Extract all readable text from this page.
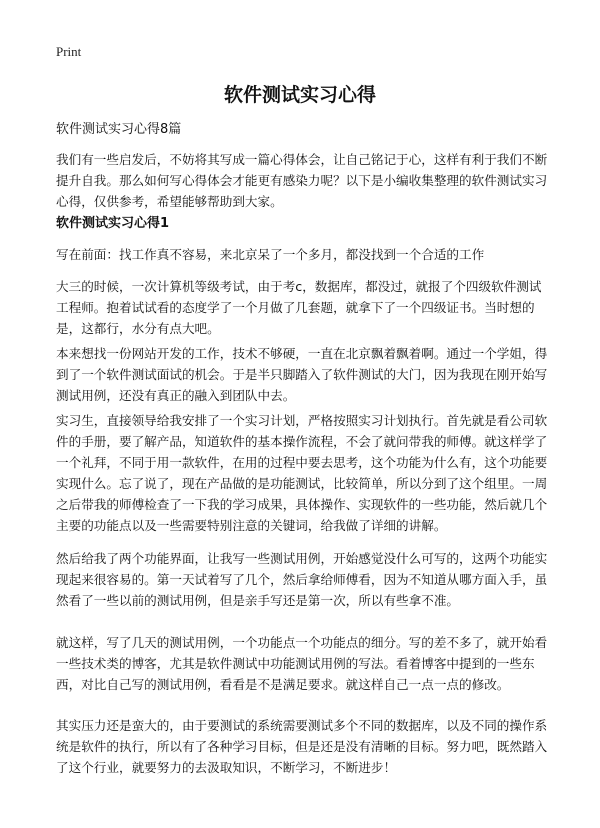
Print
软件测试实习心得
软件测试实习心得8篇

我们有一些启发后，不妨将其写成一篇心得体会，让自己铭记于心，这样有利于我们不断提升自我。那么如何写心得体会才能更有感染力呢？以下是小编收集整理的软件测试实习心得，仅供参考，希望能够帮助到大家。

软件测试实习心得1

写在前面：找工作真不容易，来北京呆了一个多月，都没找到一个合适的工作

大三的时候，一次计算机等级考试，由于考c，数据库，都没过，就报了个四级软件测试工程师。抱着试试看的态度学了一个月做了几套题，就拿下了一个四级证书。当时想的是，这都行，水分有点大吧。

本来想找一份网站开发的工作，技术不够硬，一直在北京飘着飘着啊。通过一个学姐，得到了一个软件测试面试的机会。于是半只脚踏入了软件测试的大门，因为我现在刚开始写测试用例，还没有真正的融入到团队中去。

实习生，直接领导给我安排了一个实习计划，严格按照实习计划执行。首先就是看公司软件的手册，要了解产品，知道软件的基本操作流程，不会了就问带我的师傅。就这样学了一个礼拜，不同于用一款软件，在用的过程中要去思考，这个功能为什么有，这个功能要实现什么。忘了说了，现在产品做的是功能测试，比较简单，所以分到了这个组里。一周之后带我的师傅检查了一下我的学习成果，具体操作、实现软件的一些功能，然后就几个主要的功能点以及一些需要特别注意的关键词，给我做了详细的讲解。

然后给我了两个功能界面，让我写一些测试用例，开始感觉没什么可写的，这两个功能实现起来很容易的。第一天试着写了几个，然后拿给师傅看，因为不知道从哪方面入手，虽然看了一些以前的测试用例，但是亲手写还是第一次，所以有些拿不准。

就这样，写了几天的测试用例，一个功能点一个功能点的细分。写的差不多了，就开始看一些技术类的博客，尤其是软件测试中功能测试用例的写法。看着博客中提到的一些东西，对比自己写的测试用例，看看是不是满足要求。就这样自己一点一点的修改。

其实压力还是蛮大的，由于要测试的系统需要测试多个不同的数据库，以及不同的操作系统是软件的执行，所以有了各种学习目标，但是还是没有清晰的目标。努力吧，既然踏入了这个行业，就要努力的去汲取知识，不断学习，不断进步！
